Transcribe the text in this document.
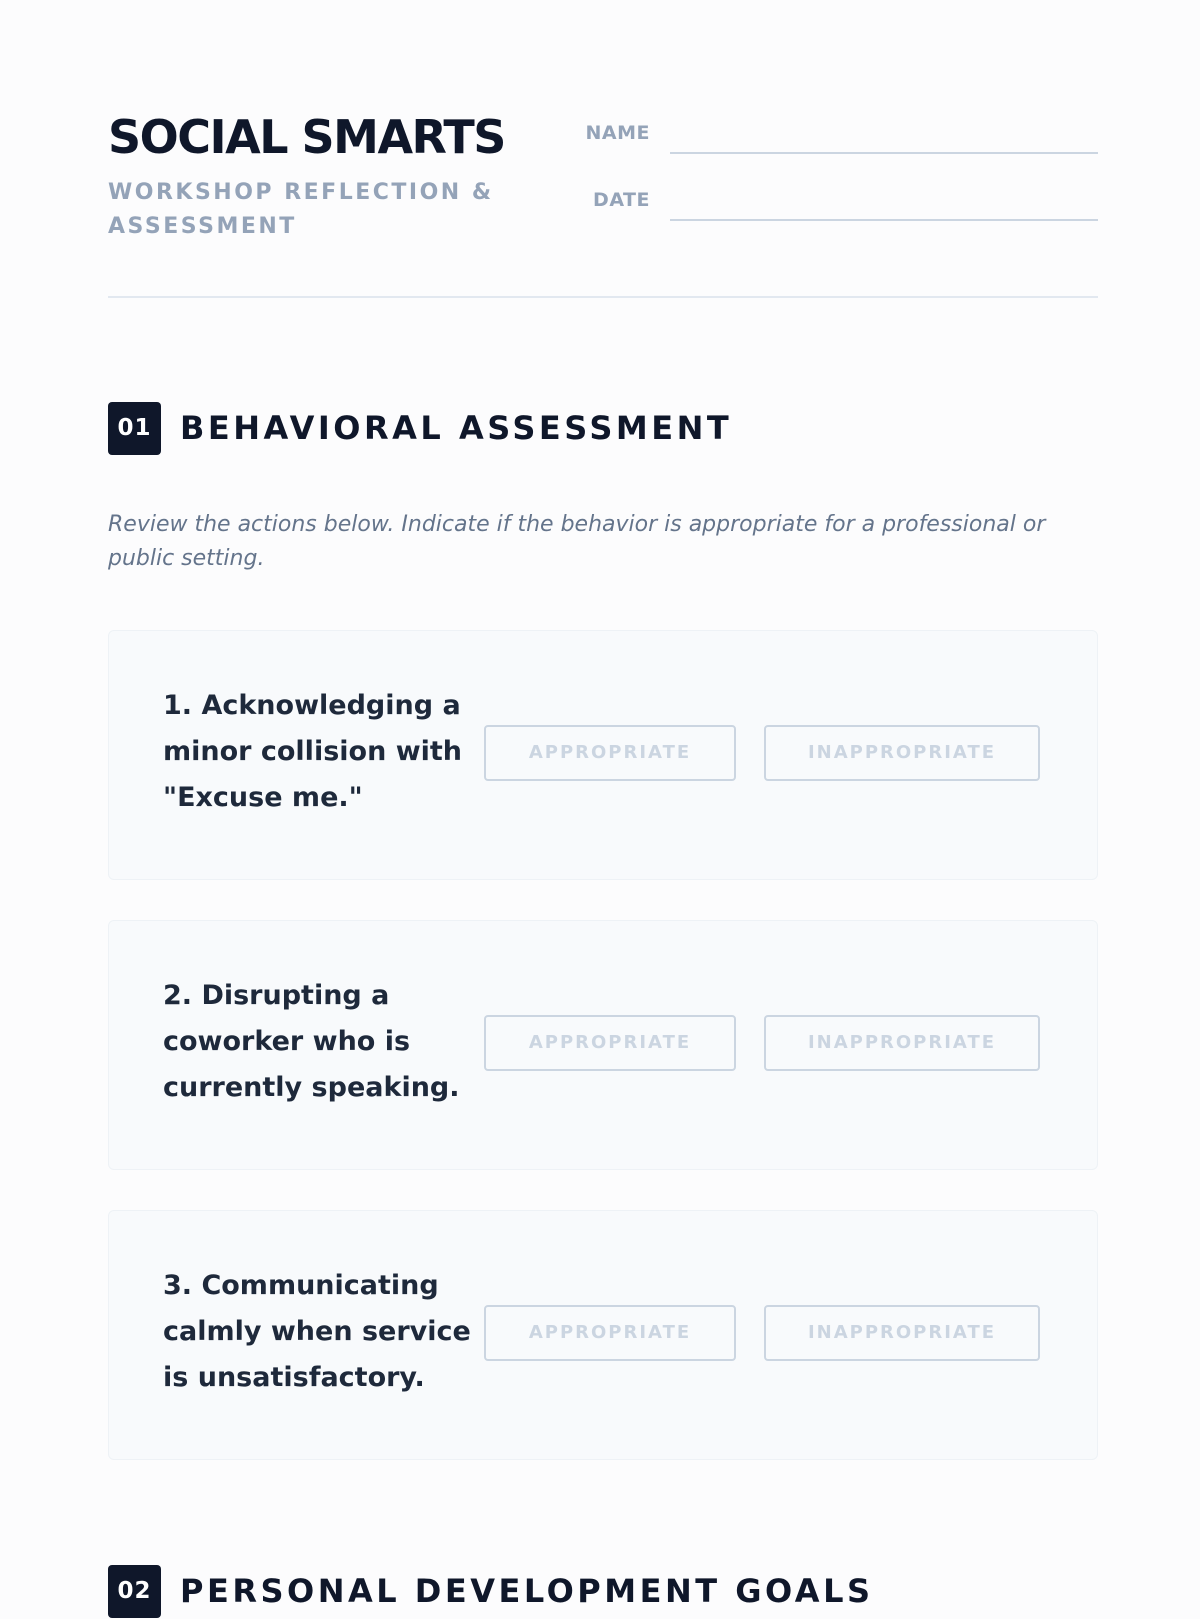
SOCIAL SMARTS

WORKSHOP REFLECTION & ASSESSMENT

NAME
DATE
01 BEHAVIORAL ASSESSMENT

Review the actions below. Indicate if the behavior is appropriate for a professional or public setting.

1. Acknowledging a minor collision with "Excuse me."

APPROPRIATE	INAPPROPRIATE

2. Disrupting a coworker who is currently speaking.

APPROPRIATE	INAPPROPRIATE

3. Communicating calmly when service is unsatisfactory.

APPROPRIATE	INAPPROPRIATE
02 PERSONAL DEVELOPMENT GOALS
